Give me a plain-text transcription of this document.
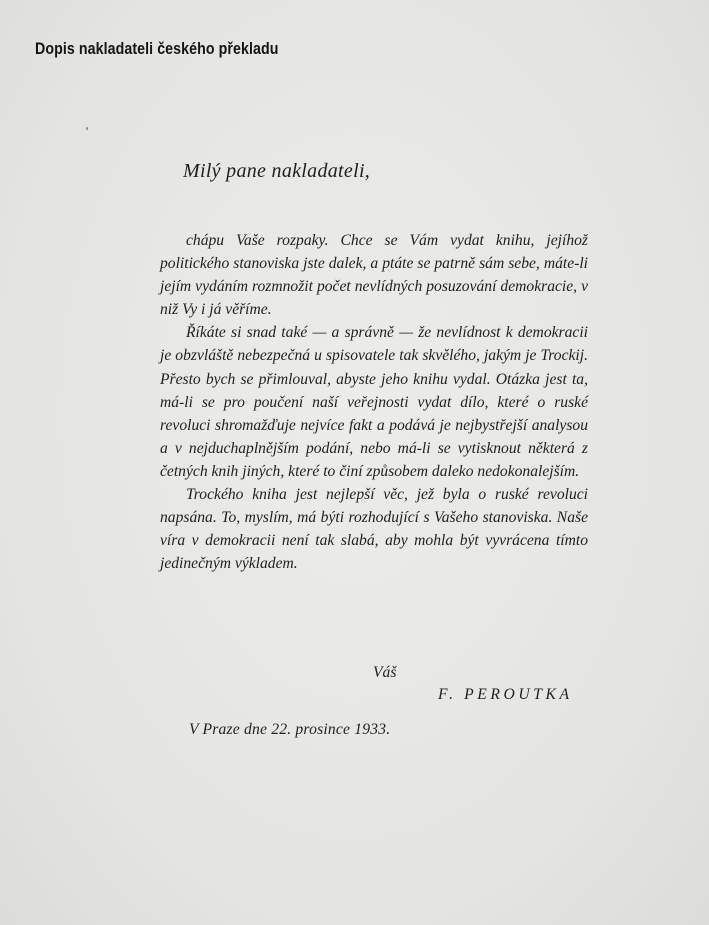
Dopis nakladateli českého překladu
Milý pane nakladateli,

chápu Vaše rozpaky. Chce se Vám vydat knihu, jejíhož politického stanoviska jste dalek, a ptáte se patrně sám sebe, máte-li jejím vydáním rozmnožit počet nevlídných posuzování demokracie, v niž Vy i já věříme.

Říkáte si snad také — a správně — že nevlídnost k demokracii je obzvláště nebezpečná u spisovatele tak skvělého, jakým je Trockij. Přesto bych se přimlouval, abyste jeho knihu vydal. Otázka jest ta, má-li se pro poučení naší veřejnosti vydat dílo, které o ruské revoluci shromažďuje nejvíce fakt a podává je nejbystřejší analysou a v nejduchaplnějším podání, nebo má-li se vytisknout některá z četných knih jiných, které to činí způsobem daleko nedokonalejším.

Trockého kniha jest nejlepší věc, jež byla o ruské revoluci napsána. To, myslím, má býti rozhodující s Vašeho stanoviska. Naše víra v demokracii není tak slabá, aby mohla být vyvrácena tímto jedinečným výkladem.

Váš
F. PEROUTKA
V Praze dne 22. prosince 1933.
